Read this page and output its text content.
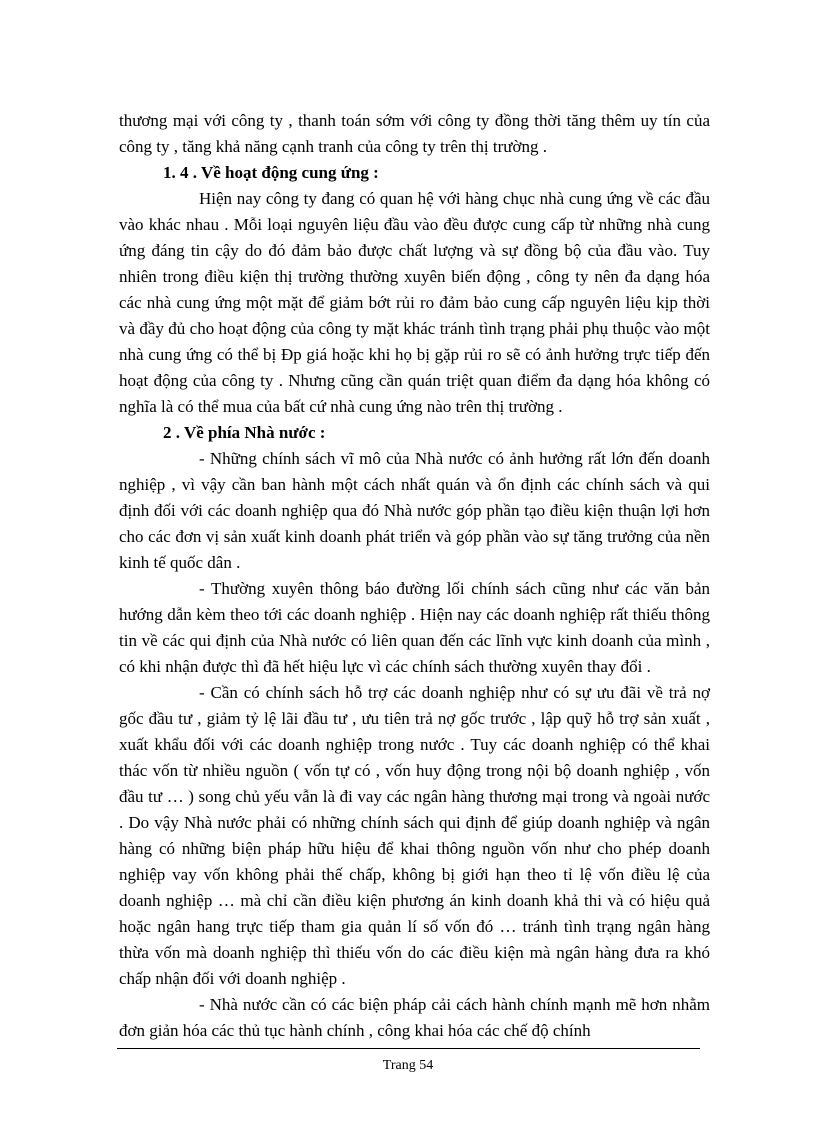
thương mại với công ty , thanh toán sớm với công ty đồng thời tăng thêm uy tín của công ty , tăng khả năng cạnh tranh của công ty trên thị trường .

1. 4 . Về hoạt động cung ứng :

Hiện nay công ty đang có quan hệ với hàng chục nhà cung ứng về các đầu vào khác nhau . Mỗi loại nguyên liệu đầu vào đều được cung cấp từ những nhà cung ứng đáng tin cậy do đó đảm bảo được chất lượng và sự đồng bộ của đầu vào. Tuy nhiên trong điều kiện thị trường thường xuyên biến động , công ty nên đa dạng hóa các nhà cung ứng một mặt để giảm bớt rủi ro đảm bảo cung cấp nguyên liệu kịp thời và đầy đủ cho hoạt động của công ty mặt khác tránh tình trạng phải phụ thuộc vào một nhà cung ứng có thể bị Ðp giá hoặc khi họ bị gặp rủi ro sẽ có ảnh hưởng trực tiếp đến hoạt động của công ty . Nhưng cũng cần quán triệt quan điểm đa dạng hóa không có nghĩa là có thể mua của bất cứ nhà cung ứng nào trên thị trường .

2 . Về phía Nhà nước :

- Những chính sách vĩ mô của Nhà nước có ảnh hưởng rất lớn đến doanh nghiệp , vì vậy cần ban hành một cách nhất quán và ổn định các chính sách và qui định đối với các doanh nghiệp qua đó Nhà nước góp phần tạo điều kiện thuận lợi hơn cho các đơn vị sản xuất kinh doanh phát triển và góp phần vào sự tăng trưởng của nền kinh tế quốc dân .

- Thường xuyên thông báo đường lối chính sách cũng như các văn bản hướng dẫn kèm theo tới các doanh nghiệp . Hiện nay các doanh nghiệp rất thiếu thông tin về các qui định của Nhà nước có liên quan đến các lĩnh vực kinh doanh của mình , có khi nhận được thì đã hết hiệu lực vì các chính sách thường xuyên thay đổi .

- Cần có chính sách hỗ trợ các doanh nghiệp như có sự ưu đãi về trả nợ gốc đầu tư , giảm tỷ lệ lãi đầu tư , ưu tiên trả nợ gốc trước , lập quỹ hỗ trợ sản xuất , xuất khẩu đối với các doanh nghiệp trong nước . Tuy các doanh nghiệp có thể khai thác vốn từ nhiều nguồn ( vốn tự có , vốn huy động trong nội bộ doanh nghiệp , vốn đầu tư … ) song chủ yếu vẫn là đi vay các ngân hàng thương mại trong và ngoài nước . Do vậy Nhà nước phải có những chính sách qui định để giúp doanh nghiệp và ngân hàng có những biện pháp hữu hiệu để khai thông nguồn vốn như cho phép doanh nghiệp vay vốn không phải thế chấp, không bị giới hạn theo tỉ lệ vốn điều lệ của doanh nghiệp … mà chỉ cần điều kiện phương án kinh doanh khả thi và có hiệu quả hoặc ngân hang trực tiếp tham gia quản lí số vốn đó … tránh tình trạng ngân hàng thừa vốn mà doanh nghiệp thì thiếu vốn do các điều kiện mà ngân hàng đưa ra khó chấp nhận đối với doanh nghiệp .

- Nhà nước cần có các biện pháp cải cách hành chính mạnh mẽ hơn nhằm đơn giản hóa các thủ tục hành chính , công khai hóa các chế độ chính

Trang 54
